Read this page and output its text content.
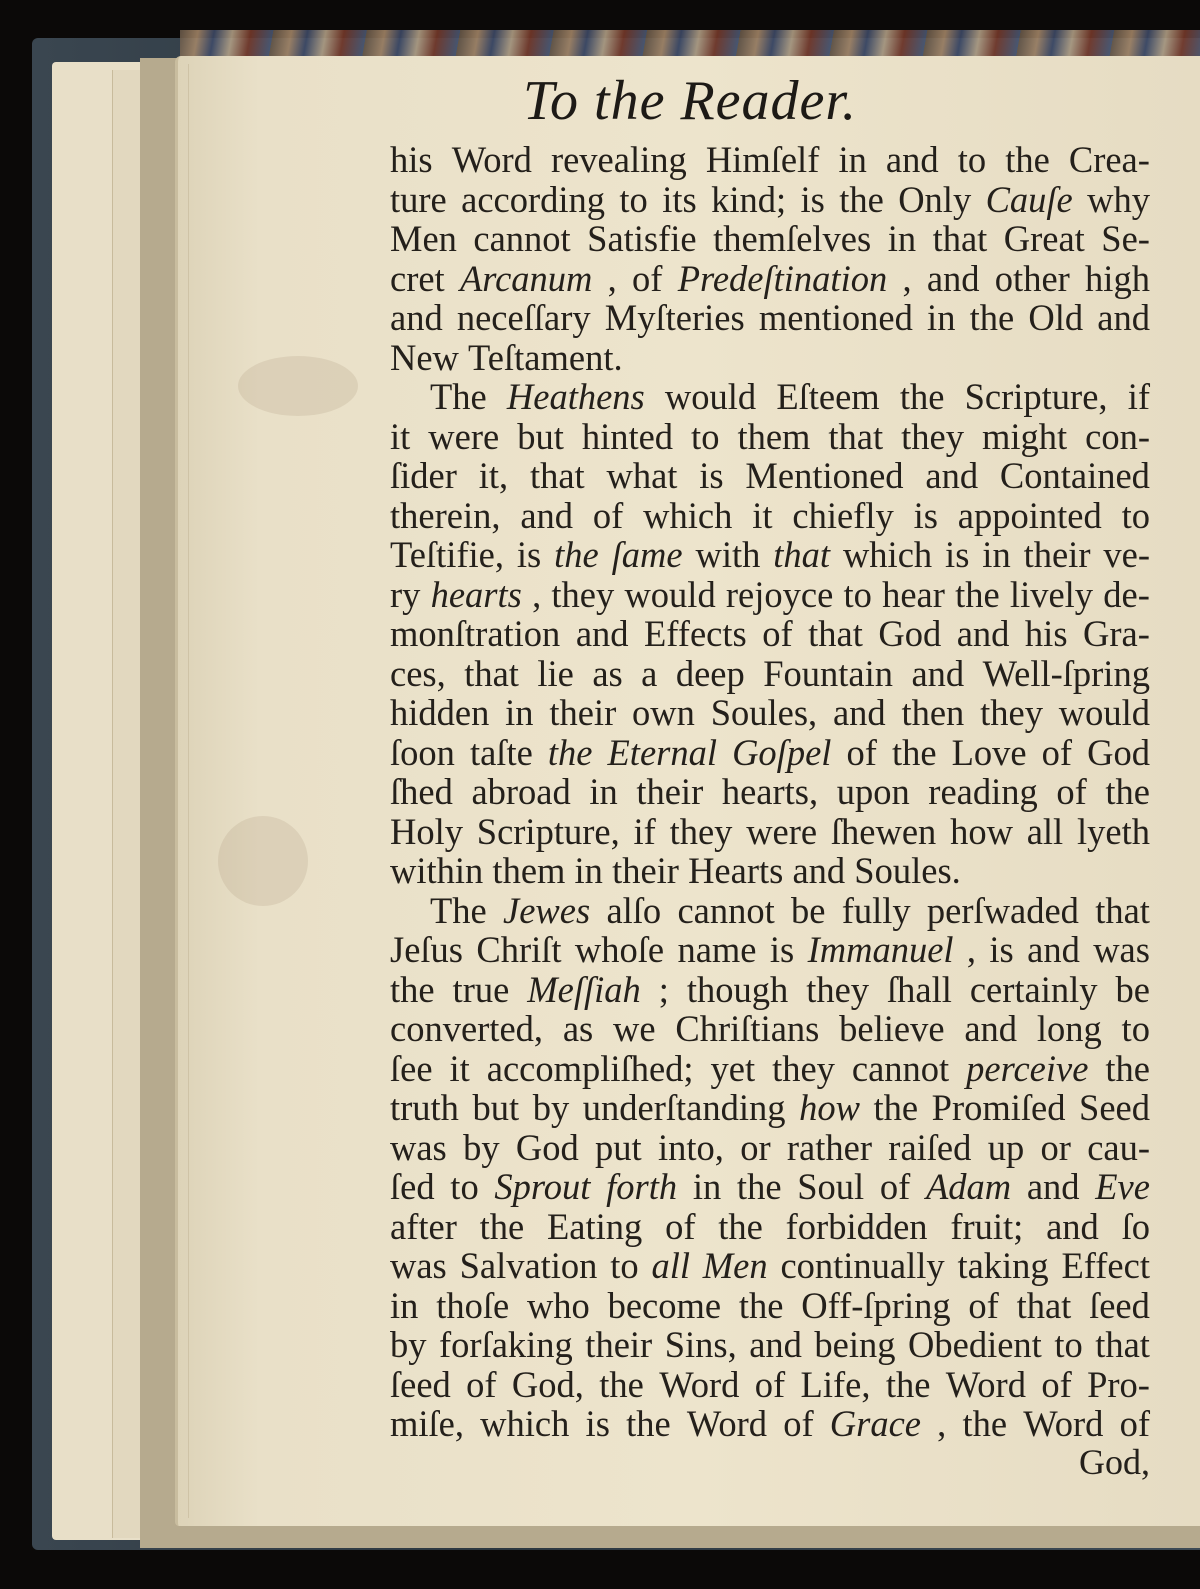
To the Reader.
his Word revealing Himſelf in and to the Crea-
ture according to its kind; is the Only Cauſe why
Men cannot Satisfie themſelves in that Great Se-
cret Arcanum , of Predeſtination , and other high
and neceſſary Myſteries mentioned in the Old and
New Teſtament.
The Heathens would Eſteem the Scripture, if
it were but hinted to them that they might con-
ſider it, that what is Mentioned and Contained
therein, and of which it chiefly is appointed to
Teſtifie, is the ſame with that which is in their ve-
ry hearts , they would rejoyce to hear the lively de-
monſtration and Effects of that God and his Gra-
ces, that lie as a deep Fountain and Well-ſpring
hidden in their own Soules, and then they would
ſoon taſte the Eternal Goſpel of the Love of God
ſhed abroad in their hearts, upon reading of the
Holy Scripture, if they were ſhewen how all lyeth
within them in their Hearts and Soules.
The Jewes alſo cannot be fully perſwaded that
Jeſus Chriſt whoſe name is Immanuel , is and was
the true Meſſiah ; though they ſhall certainly be
converted, as we Chriſtians believe and long to
ſee it accompliſhed; yet they cannot perceive the
truth but by underſtanding how the Promiſed Seed
was by God put into, or rather raiſed up or cau-
ſed to Sprout forth in the Soul of Adam and Eve
after the Eating of the forbidden fruit; and ſo
was Salvation to all Men continually taking Effect
in thoſe who become the Off-ſpring of that ſeed
by forſaking their Sins, and being Obedient to that
ſeed of God, the Word of Life, the Word of Pro-
miſe, which is the Word of Grace , the Word of
God,
